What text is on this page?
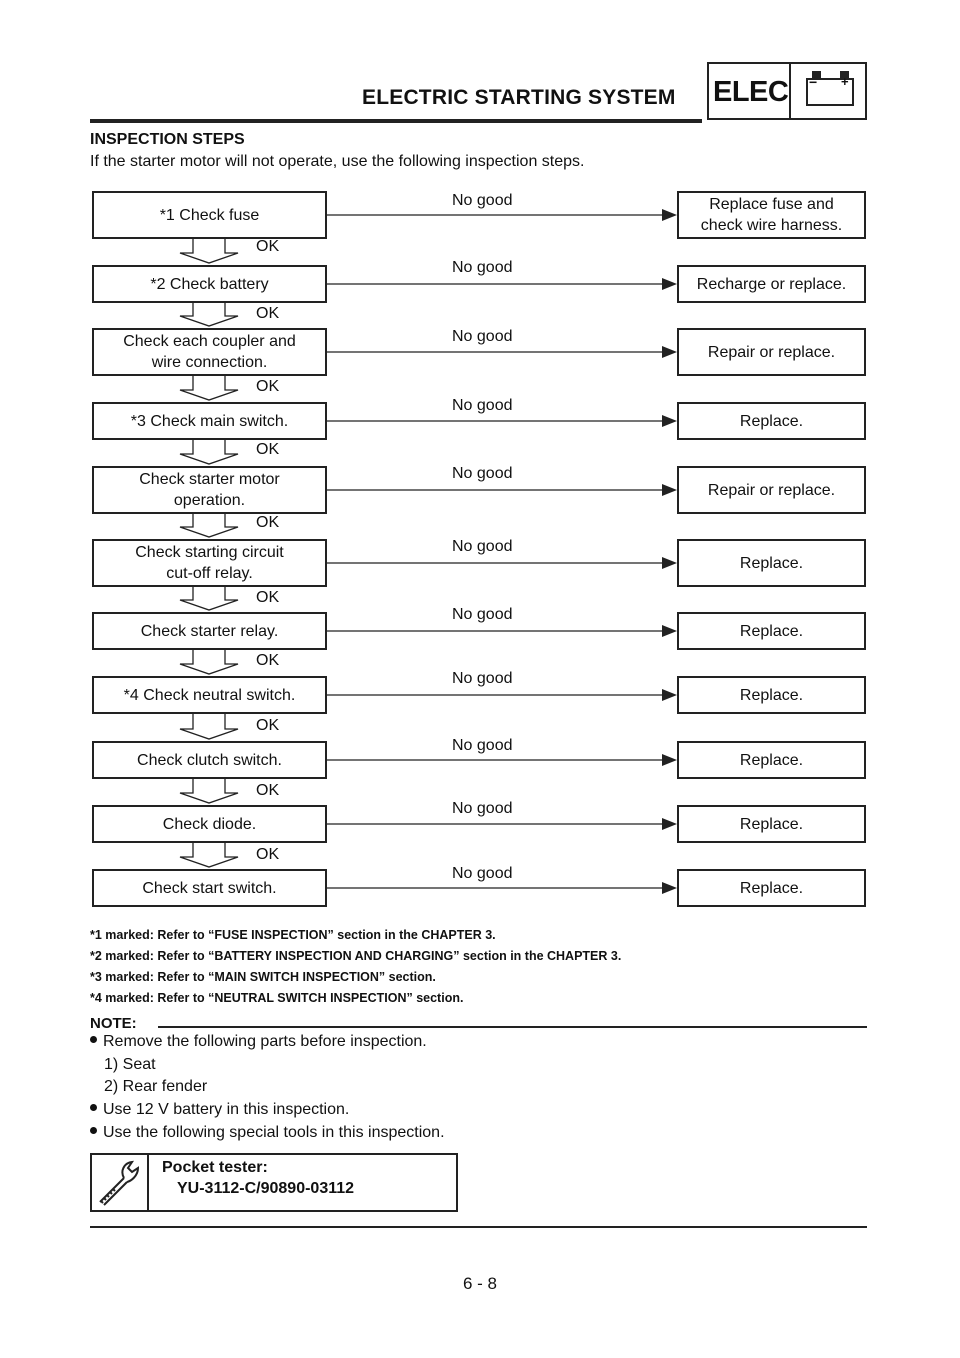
ELECTRIC STARTING SYSTEM ELEC − +
INSPECTION STEPS
If the starter motor will not operate, use the following inspection steps.
*1 Check fuse
Replace fuse and
check wire harness.
No good
OK
*2 Check battery	Recharge or replace.
No good
OK
Check each coupler and
wire connection.
Repair or replace.
No good
OK
*3 Check main switch.	Replace.
No good
OK
Check starter motor
operation.
Repair or replace.
No good
OK
Check starting circuit
cut-off relay.
Replace.
No good
OK
Check starter relay.	Replace.
No good
OK
*4 Check neutral switch.	Replace.
No good
OK
Check clutch switch.	Replace.
No good
OK
Check diode.	Replace.
No good
OK
Check start switch.	Replace.
No good
*1 marked: Refer to “FUSE INSPECTION” section in the CHAPTER 3.
*2 marked: Refer to “BATTERY INSPECTION AND CHARGING” section in the CHAPTER 3.
*3 marked: Refer to “MAIN SWITCH INSPECTION” section.
*4 marked: Refer to “NEUTRAL SWITCH INSPECTION” section.
NOTE:
Remove the following parts before inspection.
1) Seat
2) Rear fender
Use 12 V battery in this inspection.
Use the following special tools in this inspection.
Pocket tester:
YU-3112-C/90890-03112
6 - 8
